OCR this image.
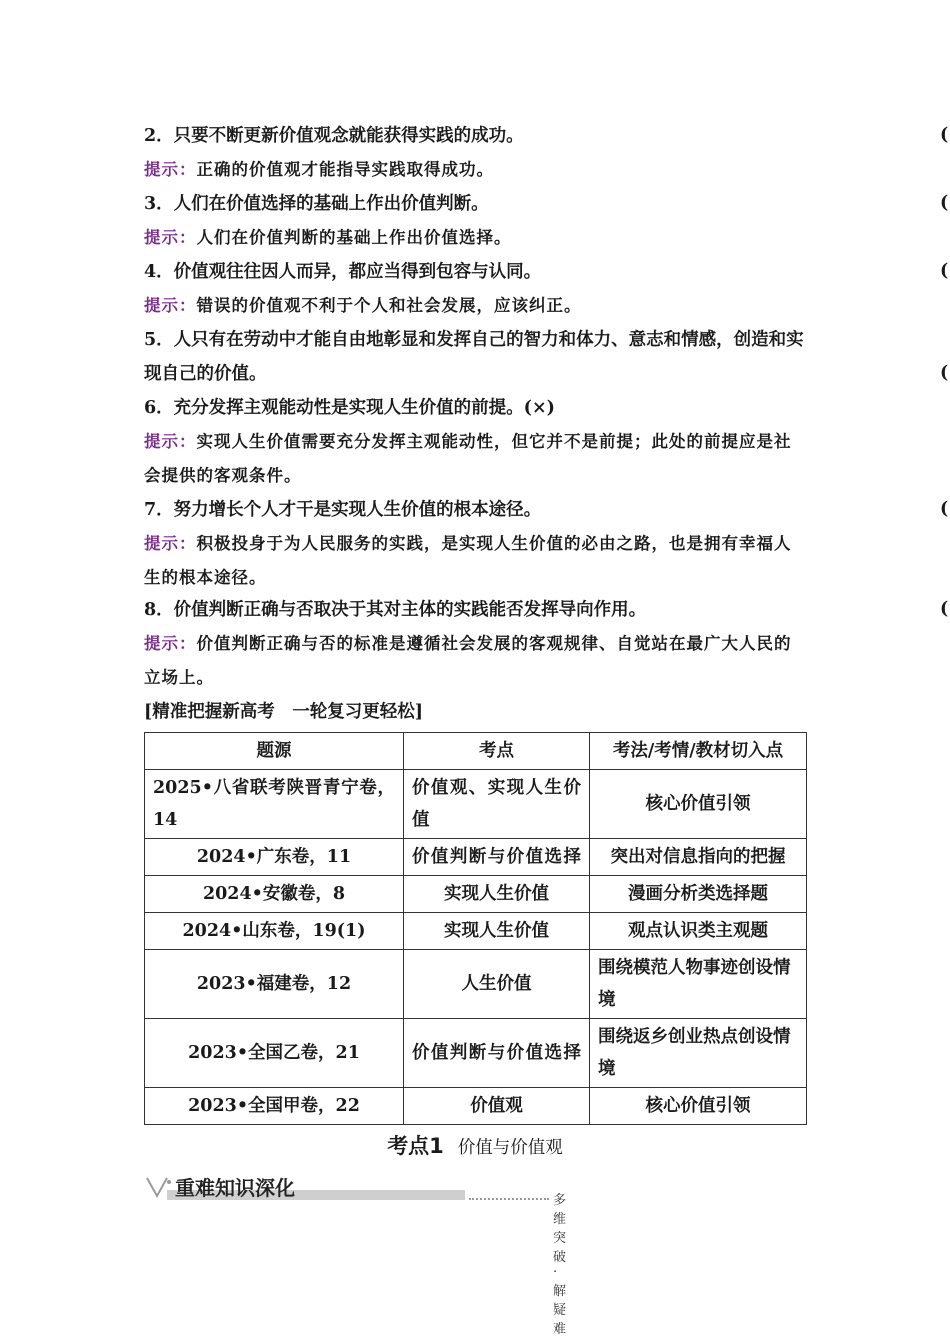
2．只要不断更新价值观念就能获得实践的成功。	(
提示：正确的价值观才能指导实践取得成功。
3．人们在价值选择的基础上作出价值判断。	(
提示：人们在价值判断的基础上作出价值选择。
4．价值观往往因人而异，都应当得到包容与认同。	(
提示：错误的价值观不利于个人和社会发展，应该纠正。
5．人只有在劳动中才能自由地彰显和发挥自己的智力和体力、意志和情感，创造和实现自己的价值。	(
6．充分发挥主观能动性是实现人生价值的前提。(×)
提示：实现人生价值需要充分发挥主观能动性，但它并不是前提；此处的前提应是社会提供的客观条件。
7．努力增长个人才干是实现人生价值的根本途径。	(
提示：积极投身于为人民服务的实践，是实现人生价值的必由之路，也是拥有幸福人生的根本途径。
8．价值判断正确与否取决于其对主体的实践能否发挥导向作用。	(
提示：价值判断正确与否的标准是遵循社会发展的客观规律、自觉站在最广大人民的立场上。
[精准把握新高考　一轮复习更轻松]
题源	考点	考法/考情/教材切入点
2025•八省联考陕晋青宁卷，14	价值观、实现人生价值	核心价值引领
2024•广东卷，11	价值判断与价值选择	突出对信息指向的把握
2024•安徽卷，8	实现人生价值	漫画分析类选择题
2024•山东卷，19(1)	实现人生价值	观点认识类主观题
2023•福建卷，12	人生价值	围绕模范人物事迹创设情境
2023•全国乙卷，21	价值判断与价值选择	围绕返乡创业热点创设情境
2023•全国甲卷，22	价值观	核心价值引领
考点1 价值与价值观
重难知识深化
多维突破 · 解疑难
